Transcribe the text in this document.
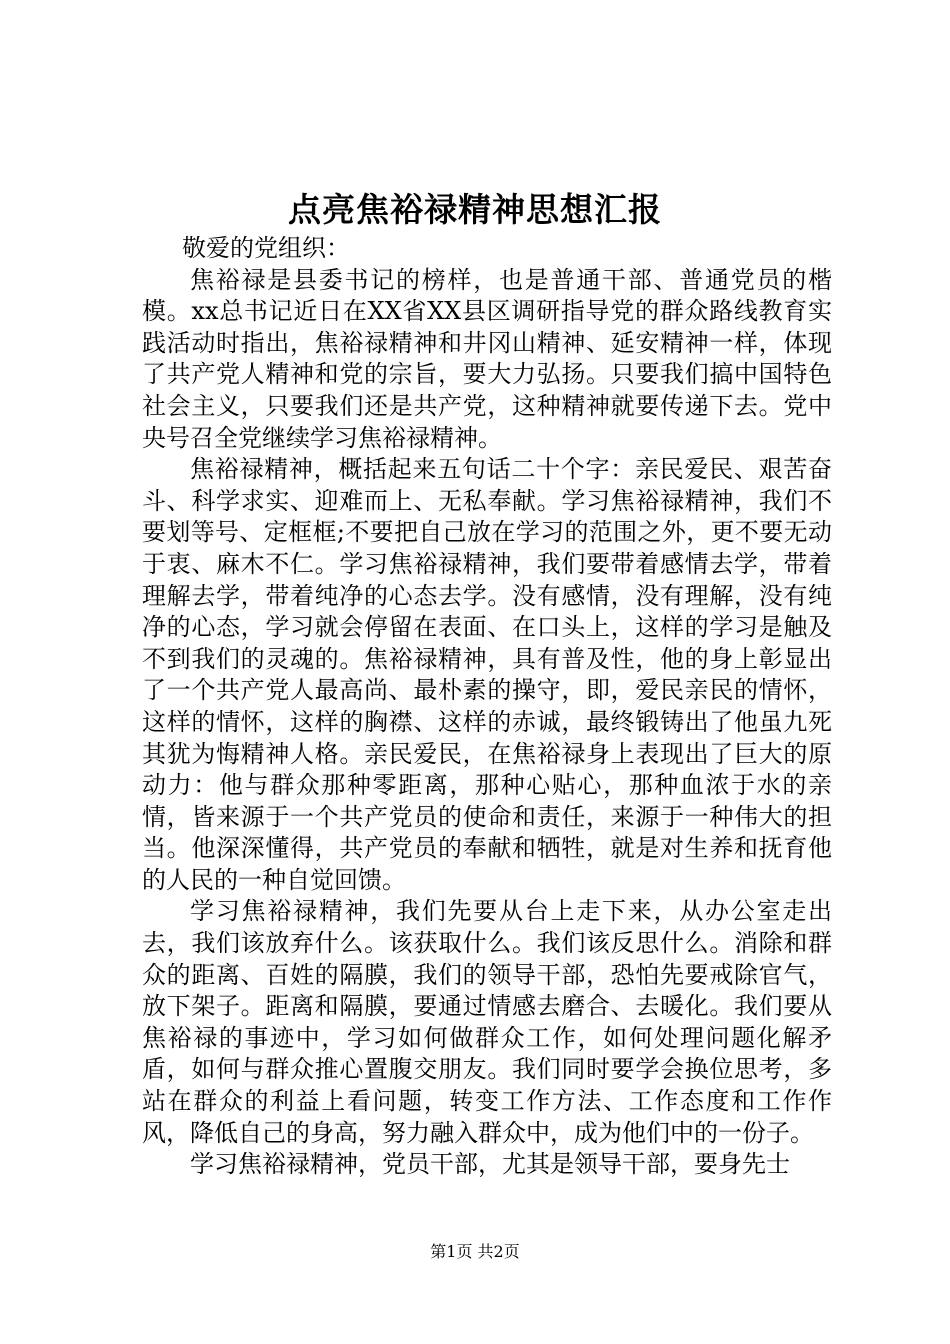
点亮焦裕禄精神思想汇报

敬爱的党组织：

焦裕禄是县委书记的榜样，也是普通干部、普通党员的楷模。xx总书记近日在XX省XX县区调研指导党的群众路线教育实践活动时指出，焦裕禄精神和井冈山精神、延安精神一样，体现了共产党人精神和党的宗旨，要大力弘扬。只要我们搞中国特色社会主义，只要我们还是共产党，这种精神就要传递下去。党中央号召全党继续学习焦裕禄精神。

焦裕禄精神，概括起来五句话二十个字：亲民爱民、艰苦奋斗、科学求实、迎难而上、无私奉献。学习焦裕禄精神，我们不要划等号、定框框;不要把自己放在学习的范围之外，更不要无动于衷、麻木不仁。学习焦裕禄精神，我们要带着感情去学，带着理解去学，带着纯净的心态去学。没有感情，没有理解，没有纯净的心态，学习就会停留在表面、在口头上，这样的学习是触及不到我们的灵魂的。焦裕禄精神，具有普及性，他的身上彰显出了一个共产党人最高尚、最朴素的操守，即，爱民亲民的情怀，这样的情怀，这样的胸襟、这样的赤诚，最终锻铸出了他虽九死其犹为悔精神人格。亲民爱民，在焦裕禄身上表现出了巨大的原动力：他与群众那种零距离，那种心贴心，那种血浓于水的亲情，皆来源于一个共产党员的使命和责任，来源于一种伟大的担当。他深深懂得，共产党员的奉献和牺牲，就是对生养和抚育他的人民的一种自觉回馈。

学习焦裕禄精神，我们先要从台上走下来，从办公室走出去，我们该放弃什么。该获取什么。我们该反思什么。消除和群众的距离、百姓的隔膜，我们的领导干部，恐怕先要戒除官气，放下架子。距离和隔膜，要通过情感去磨合、去暖化。我们要从焦裕禄的事迹中，学习如何做群众工作，如何处理问题化解矛盾，如何与群众推心置腹交朋友。我们同时要学会换位思考，多站在群众的利益上看问题，转变工作方法、工作态度和工作作风，降低自己的身高，努力融入群众中，成为他们中的一份子。

学习焦裕禄精神，党员干部，尤其是领导干部，要身先士

第1页 共2页
